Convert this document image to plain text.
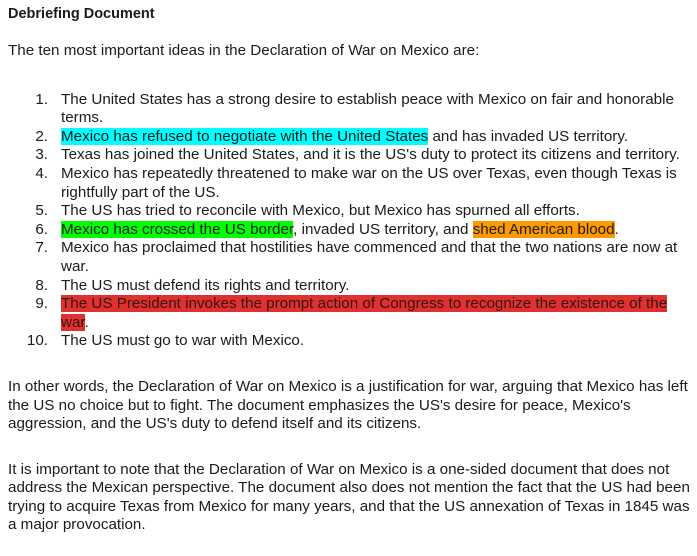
Debriefing Document
The ten most important ideas in the Declaration of War on Mexico are:
1. The United States has a strong desire to establish peace with Mexico on fair and honorable terms.
2. Mexico has refused to negotiate with the United States and has invaded US territory.
3. Texas has joined the United States, and it is the US's duty to protect its citizens and territory.
4. Mexico has repeatedly threatened to make war on the US over Texas, even though Texas is rightfully part of the US.
5. The US has tried to reconcile with Mexico, but Mexico has spurned all efforts.
6. Mexico has crossed the US border, invaded US territory, and shed American blood.
7. Mexico has proclaimed that hostilities have commenced and that the two nations are now at war.
8. The US must defend its rights and territory.
9. The US President invokes the prompt action of Congress to recognize the existence of the war.
10. The US must go to war with Mexico.
In other words, the Declaration of War on Mexico is a justification for war, arguing that Mexico has left the US no choice but to fight. The document emphasizes the US's desire for peace, Mexico's aggression, and the US's duty to defend itself and its citizens.
It is important to note that the Declaration of War on Mexico is a one-sided document that does not address the Mexican perspective. The document also does not mention the fact that the US had been trying to acquire Texas from Mexico for many years, and that the US annexation of Texas in 1845 was a major provocation.
